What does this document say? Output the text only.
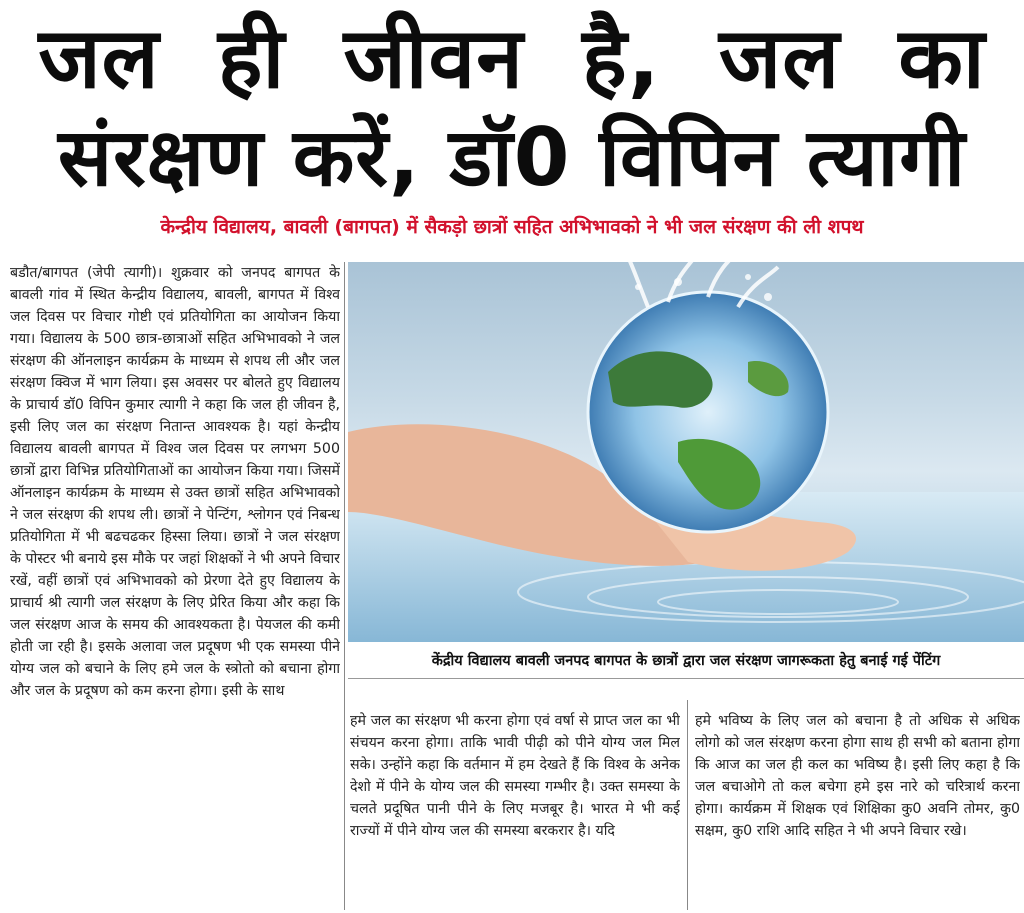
जल ही जीवन है, जल का
संरक्षण करें, डॉ0 विपिन त्यागी
केन्द्रीय विद्यालय, बावली (बागपत) में सैकड़ो छात्रों सहित अभिभावको ने भी जल संरक्षण की ली शपथ
बडौत/बागपत (जेपी त्यागी)। शुक्रवार को जनपद बागपत के बावली गांव में स्थित केन्द्रीय विद्यालय, बावली, बागपत में विश्व जल दिवस पर विचार गोष्टी एवं प्रतियोगिता का आयोजन किया गया। विद्यालय के 500 छात्र-छात्राओं सहित अभिभावको ने जल संरक्षण की ऑनलाइन कार्यक्रम के माध्यम से शपथ ली और जल संरक्षण क्विज में भाग लिया। इस अवसर पर बोलते हुए विद्यालय के प्राचार्य डॉ0 विपिन कुमार त्यागी ने कहा कि जल ही जीवन है, इसी लिए जल का संरक्षण नितान्त आवश्यक है। यहां केन्द्रीय विद्यालय बावली बागपत में विश्व जल दिवस पर लगभग 500 छात्रों द्वारा विभिन्न प्रतियोगिताओं का आयोजन किया गया। जिसमें ऑनलाइन कार्यक्रम के माध्यम से उक्त छात्रों सहित अभिभावको ने जल संरक्षण की शपथ ली। छात्रों ने पेन्टिंग, श्लोगन एवं निबन्ध प्रतियोगिता में भी बढचढकर हिस्सा लिया। छात्रों ने जल संरक्षण के पोस्टर भी बनाये इस मौके पर जहां शिक्षकों ने भी अपने विचार रखें, वहीं छात्रों एवं अभिभावको को प्रेरणा देते हुए विद्यालय के प्राचार्य श्री त्यागी जल संरक्षण के लिए प्रेरित किया और कहा कि जल संरक्षण आज के समय की आवश्यकता है। पेयजल की कमी होती जा रही है। इसके अलावा जल प्रदूषण भी एक समस्या पीने योग्य जल को बचाने के लिए हमे जल के स्त्रोतो को बचाना होगा और जल के प्रदूषण को कम करना होगा। इसी के साथ
केंद्रीय विद्यालय बावली जनपद बागपत के छात्रों द्वारा जल संरक्षण जागरूकता हेतु बनाई गई पेंटिंग
हमे जल का संरक्षण भी करना होगा एवं वर्षा से प्राप्त जल का भी संचयन करना होगा। ताकि भावी पीढ़ी को पीने योग्य जल मिल सके। उन्होंने कहा कि वर्तमान में हम देखते हैं कि विश्व के अनेक देशो में पीने के योग्य जल की समस्या गम्भीर है। उक्त समस्या के चलते प्रदूषित पानी पीने के लिए मजबूर है। भारत मे भी कई राज्यों में पीने योग्य जल की समस्या बरकरार है। यदि
हमे भविष्य के लिए जल को बचाना है तो अधिक से अधिक लोगो को जल संरक्षण करना होगा साथ ही सभी को बताना होगा कि आज का जल ही कल का भविष्य है। इसी लिए कहा है कि जल बचाओगे तो कल बचेगा हमे इस नारे को चरित्रार्थ करना होगा। कार्यक्रम में शिक्षक एवं शिक्षिका कु0 अवनि तोमर, कु0 सक्षम, कु0 राशि आदि सहित ने भी अपने विचार रखे।
